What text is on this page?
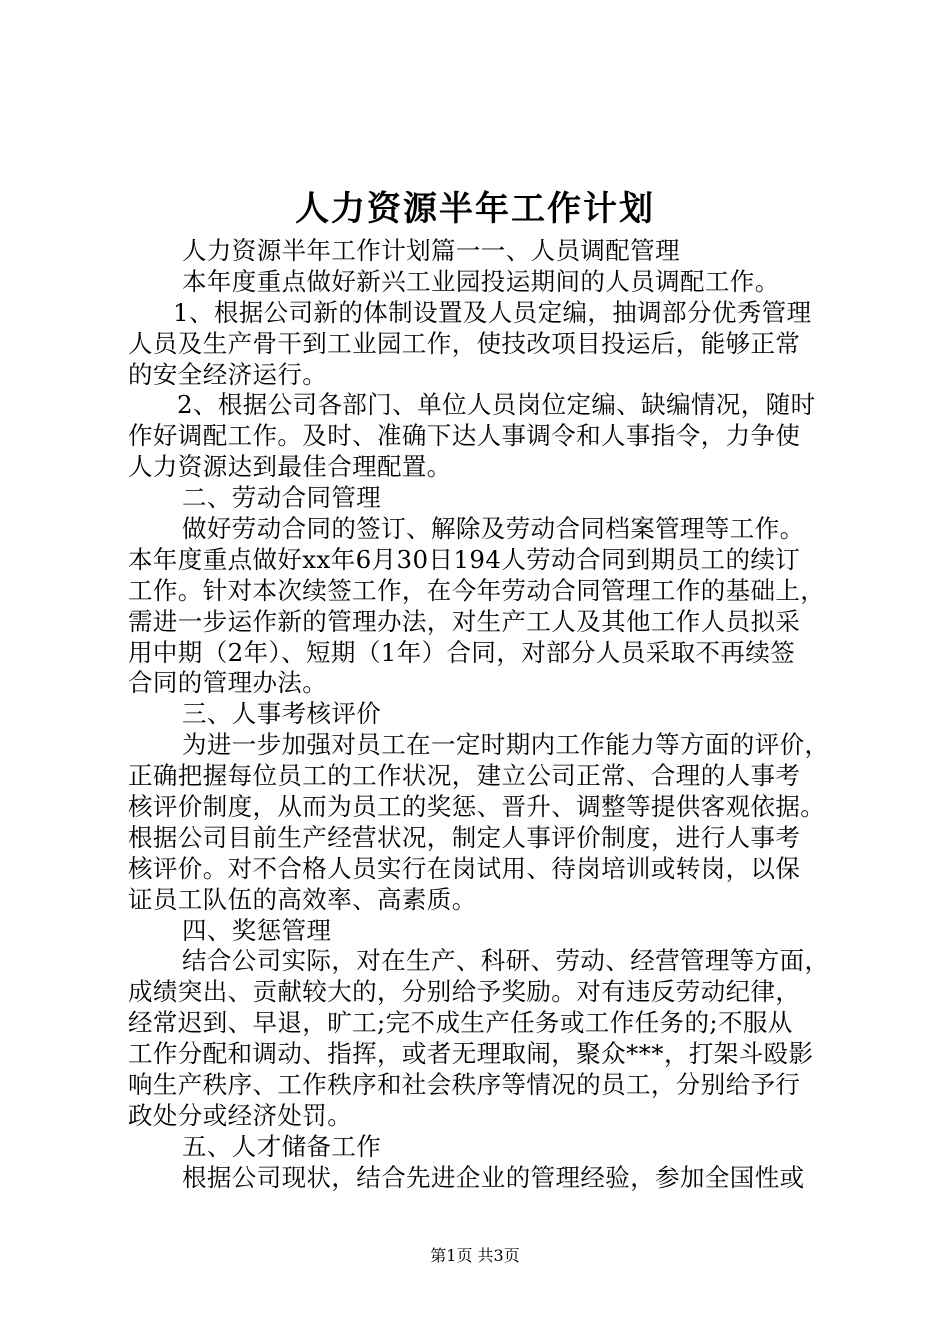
人力资源半年工作计划
人力资源半年工作计划篇一一、人员调配管理
本年度重点做好新兴工业园投运期间的人员调配工作。
1、根据公司新的体制设置及人员定编，抽调部分优秀管理
人员及生产骨干到工业园工作，使技改项目投运后，能够正常
的安全经济运行。
2、根据公司各部门、单位人员岗位定编、缺编情况，随时
作好调配工作。及时、准确下达人事调令和人事指令，力争使
人力资源达到最佳合理配置。
二、劳动合同管理
做好劳动合同的签订、解除及劳动合同档案管理等工作。
本年度重点做好xx年6月30日194人劳动合同到期员工的续订
工作。针对本次续签工作，在今年劳动合同管理工作的基础上，
需进一步运作新的管理办法，对生产工人及其他工作人员拟采
用中期（2年）、短期（1年）合同，对部分人员采取不再续签
合同的管理办法。
三、人事考核评价
为进一步加强对员工在一定时期内工作能力等方面的评价，
正确把握每位员工的工作状况，建立公司正常、合理的人事考
核评价制度，从而为员工的奖惩、晋升、调整等提供客观依据。
根据公司目前生产经营状况，制定人事评价制度，进行人事考
核评价。对不合格人员实行在岗试用、待岗培训或转岗，以保
证员工队伍的高效率、高素质。
四、奖惩管理
结合公司实际，对在生产、科研、劳动、经营管理等方面，
成绩突出、贡献较大的，分别给予奖励。对有违反劳动纪律，
经常迟到、早退，旷工;完不成生产任务或工作任务的;不服从
工作分配和调动、指挥，或者无理取闹，聚众***，打架斗殴影
响生产秩序、工作秩序和社会秩序等情况的员工，分别给予行
政处分或经济处罚。
五、人才储备工作
根据公司现状，结合先进企业的管理经验，参加全国性或
第1页 共3页
